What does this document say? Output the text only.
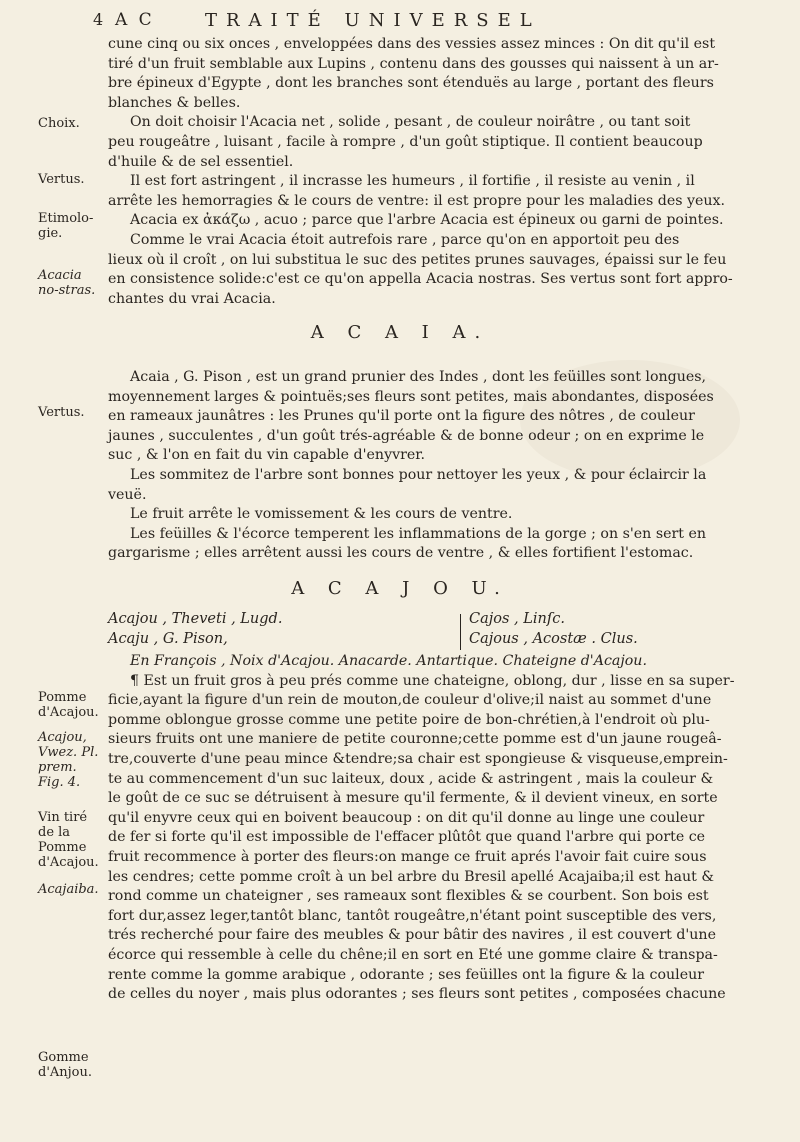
4 A C	TRAITÉ UNIVERSEL
Choix.
Vertus.
Etimolo-gie.
Acacia no-stras.
Vertus.
Pomme d'Acajou.
Acajou, Vwez. Pl. prem. Fig. 4.
Vin tiré de la Pomme d'Acajou.
Acajaiba.
Gomme d'Anjou.
cune cinq ou six onces , enveloppées dans des vessies assez minces : On dit qu'il est
tiré d'un fruit semblable aux Lupins , contenu dans des gousses qui naissent à un ar-
bre épineux d'Egypte , dont les branches sont étenduës au large , portant des fleurs
blanches & belles.
On doit choisir l'Acacia net , solide , pesant , de couleur noirâtre , ou tant soit
peu rougeâtre , luisant , facile à rompre , d'un goût stiptique. Il contient beaucoup
d'huile & de sel essentiel.
Il est fort astringent , il incrasse les humeurs , il fortifie , il resiste au venin , il
arrête les hemorragies & le cours de ventre: il est propre pour les maladies des yeux.
Acacia ex ἀκάζω , acuo ; parce que l'arbre Acacia est épineux ou garni de pointes.
Comme le vrai Acacia étoit autrefois rare , parce qu'on en apportoit peu des
lieux où il croît , on lui substitua le suc des petites prunes sauvages, épaissi sur le feu
en consistence solide:c'est ce qu'on appella Acacia nostras. Ses vertus sont fort appro-
chantes du vrai Acacia.
A C A I A.
Acaia , G. Pison , est un grand prunier des Indes , dont les feüilles sont longues,
moyennement larges & pointuës;ses fleurs sont petites, mais abondantes, disposées
en rameaux jaunâtres : les Prunes qu'il porte ont la figure des nôtres , de couleur
jaunes , succulentes , d'un goût trés-agréable & de bonne odeur ; on en exprime le
suc , & l'on en fait du vin capable d'enyvrer.
Les sommitez de l'arbre sont bonnes pour nettoyer les yeux , & pour éclaircir la
veuë.
Le fruit arrête le vomissement & les cours de ventre.
Les feüilles & l'écorce temperent les inflammations de la gorge ; on s'en sert en
gargarisme ; elles arrêtent aussi les cours de ventre , & elles fortifient l'estomac.
A C A J O U.
Acajou , Theveti , Lugd.
Acaju , G. Pison,
Cajos , Linſc.
Cajous , Acostæ . Clus.
En François , Noix d'Acajou. Anacarde. Antartique. Chateigne d'Acajou.
¶ Est un fruit gros à peu prés comme une chateigne, oblong, dur , lisse en sa super-
ficie,ayant la figure d'un rein de mouton,de couleur d'olive;il naist au sommet d'une
pomme oblongue grosse comme une petite poire de bon-chrétien,à l'endroit où plu-
sieurs fruits ont une maniere de petite couronne;cette pomme est d'un jaune rougeâ-
tre,couverte d'une peau mince &tendre;sa chair est spongieuse & visqueuse,emprein-
te au commencement d'un suc laiteux, doux , acide & astringent , mais la couleur &
le goût de ce suc se détruisent à mesure qu'il fermente, & il devient vineux, en sorte
qu'il enyvre ceux qui en boivent beaucoup : on dit qu'il donne au linge une couleur
de fer si forte qu'il est impossible de l'effacer plûtôt que quand l'arbre qui porte ce
fruit recommence à porter des fleurs:on mange ce fruit aprés l'avoir fait cuire sous
les cendres; cette pomme croît à un bel arbre du Bresil apellé Acajaiba;il est haut &
rond comme un chateigner , ses rameaux sont flexibles & se courbent. Son bois est
fort dur,assez leger,tantôt blanc, tantôt rougeâtre,n'étant point susceptible des vers,
trés recherché pour faire des meubles & pour bâtir des navires , il est couvert d'une
écorce qui ressemble à celle du chêne;il en sort en Eté une gomme claire & transpa-
rente comme la gomme arabique , odorante ; ses feüilles ont la figure & la couleur
de celles du noyer , mais plus odorantes ; ses fleurs sont petites , composées chacune
